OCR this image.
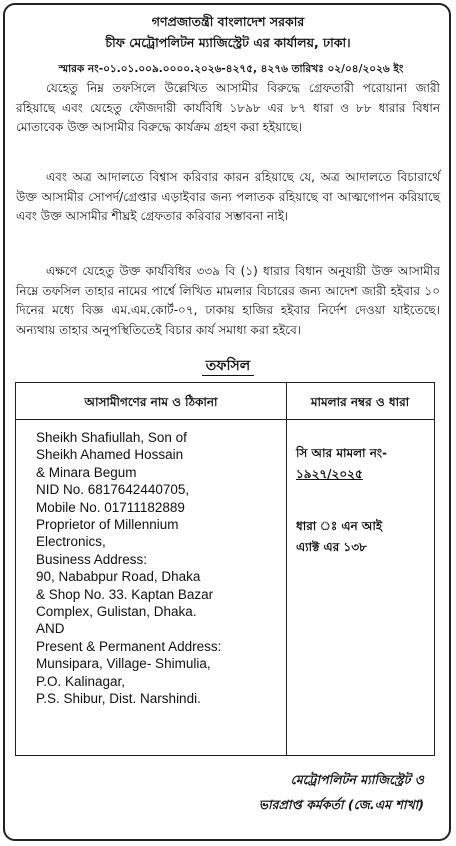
গণপ্রজাতন্ত্রী বাংলাদেশ সরকার
চীফ মেট্রোপলিটন ম্যাজিস্ট্রেট এর কার্যালয়, ঢাকা।
স্মারক নং-০১.০১.০০৯.০০০০.২০২৬-৪২৭৫, ৪২৭৬ তারিখঃ ০২/০৪/২০২৬ ইং
যেহেতু নিম্ন তফসিলে উল্লেখিত আসামীর বিরুদ্ধে গ্রেফতারী পরোয়ানা জারী রহিয়াছে এবং যেহেতু ফৌজদারী কার্যবিধি ১৮৯৮ এর ৮৭ ধারা ও ৮৮ ধারার বিধান মোতাবেক উক্ত আসামীর বিরুদ্ধে কার্যক্রম গ্রহণ করা হইয়াছে।
এবং অত্র আদালতে বিশ্বাস করিবার কারন রহিয়াছে যে, অত্র আদালতে বিচারার্থে উক্ত আসামীর সোপর্দ/গ্রেপ্তার এড়াইবার জন্য পলাতক রহিয়াছে বা আত্মগোপন করিয়াছে এবং উক্ত আসামীর শীঘ্রই গ্রেফতার করিবার সম্ভাবনা নাই।
এক্ষণে যেহেতু উক্ত কার্যবিধির ৩৩৯ বি (১) ধারার বিধান অনুযায়ী উক্ত আসামীর নিম্নে তফসিল তাহার নামের পার্শ্বে লিখিত মামলার বিচারের জন্য আদেশ জারী হইবার ১০ দিনের মধ্যে বিজ্ঞ এম.এম.কোর্ট-০৭, ঢাকায় হাজির হইবার নির্দেশ দেওয়া যাইতেছে। অন্যথায় তাহার অনুপস্থিতিতেই বিচার কার্য সমাধা করা হইবে।
তফসিল
আসামীগণের নাম ও ঠিকানা	মামলার নম্বর ও ধারা
Sheikh Shafiullah, Son of
Sheikh Ahamed Hossain
& Minara Begum
NID No. 6817642440705,
Mobile No. 01711182889
Proprietor of Millennium
Electronics,
Business Address:
90, Nababpur Road, Dhaka
& Shop No. 33. Kaptan Bazar
Complex, Gulistan, Dhaka.
AND
Present & Permanent Address:
Munsipara, Village- Shimulia,
P.O. Kalinagar,
P.S. Shibur, Dist. Narshindi.
সি আর মামলা নং-
১৯২৭/২০২৫
ধারা ঃ এন আই
এ্যাক্ট এর ১৩৮
মেট্রোপলিটন ম্যাজিস্ট্রেট ও
ভারপ্রাপ্ত কর্মকর্তা (জে.এম শাখা)
